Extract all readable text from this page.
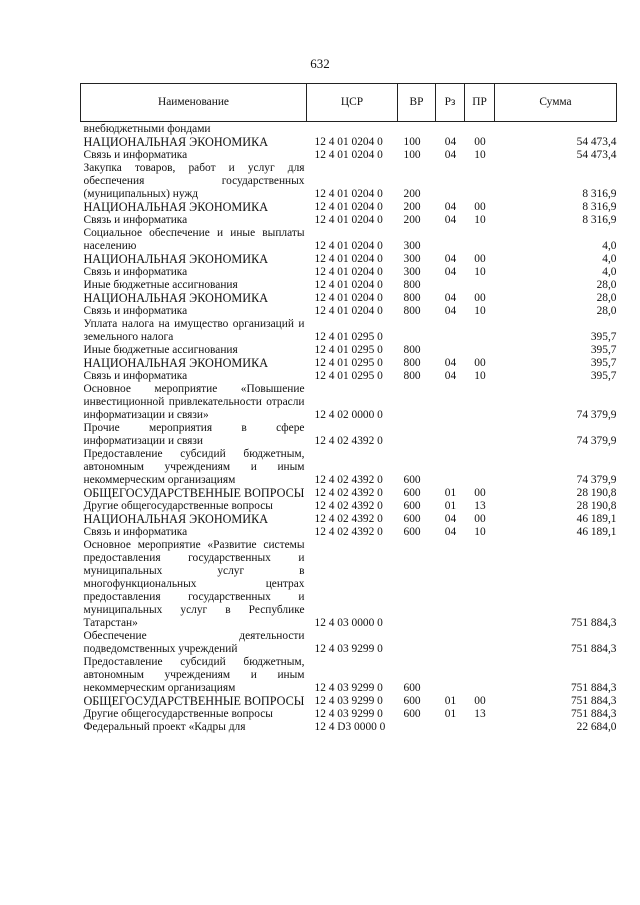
632
Наименование	ЦСР	ВР	Рз	ПР	Сумма
внебюджетными фондами					
НАЦИОНАЛЬНАЯ ЭКОНОМИКА	12 4 01 0204 0	100	04	00	54 473,4
Связь и информатика	12 4 01 0204 0	100	04	10	54 473,4
Закупка товаров, работ и услуг для обеспечения государственных (муниципальных) нужд	12 4 01 0204 0	200			8 316,9
НАЦИОНАЛЬНАЯ ЭКОНОМИКА	12 4 01 0204 0	200	04	00	8 316,9
Связь и информатика	12 4 01 0204 0	200	04	10	8 316,9
Социальное обеспечение и иные выплаты населению	12 4 01 0204 0	300			4,0
НАЦИОНАЛЬНАЯ ЭКОНОМИКА	12 4 01 0204 0	300	04	00	4,0
Связь и информатика	12 4 01 0204 0	300	04	10	4,0
Иные бюджетные ассигнования	12 4 01 0204 0	800			28,0
НАЦИОНАЛЬНАЯ ЭКОНОМИКА	12 4 01 0204 0	800	04	00	28,0
Связь и информатика	12 4 01 0204 0	800	04	10	28,0
Уплата налога на имущество организаций и земельного налога	12 4 01 0295 0				395,7
Иные бюджетные ассигнования	12 4 01 0295 0	800			395,7
НАЦИОНАЛЬНАЯ ЭКОНОМИКА	12 4 01 0295 0	800	04	00	395,7
Связь и информатика	12 4 01 0295 0	800	04	10	395,7
Основное мероприятие «Повышение инвестиционной привлекательности отрасли информатизации и связи»	12 4 02 0000 0				74 379,9
Прочие мероприятия в сфере информатизации и связи	12 4 02 4392 0				74 379,9
Предоставление субсидий бюджетным, автономным учреждениям и иным некоммерческим организациям	12 4 02 4392 0	600			74 379,9
ОБЩЕГОСУДАРСТВЕННЫЕ ВОПРОСЫ	12 4 02 4392 0	600	01	00	28 190,8
Другие общегосударственные вопросы	12 4 02 4392 0	600	01	13	28 190,8
НАЦИОНАЛЬНАЯ ЭКОНОМИКА	12 4 02 4392 0	600	04	00	46 189,1
Связь и информатика	12 4 02 4392 0	600	04	10	46 189,1
Основное мероприятие «Развитие системы предоставления государственных и муниципальных услуг в многофункциональных центрах предоставления государственных и муниципальных услуг в Республике Татарстан»	12 4 03 0000 0				751 884,3
Обеспечение деятельности подведомственных учреждений	12 4 03 9299 0				751 884,3
Предоставление субсидий бюджетным, автономным учреждениям и иным некоммерческим организациям	12 4 03 9299 0	600			751 884,3
ОБЩЕГОСУДАРСТВЕННЫЕ ВОПРОСЫ	12 4 03 9299 0	600	01	00	751 884,3
Другие общегосударственные вопросы	12 4 03 9299 0	600	01	13	751 884,3
Федеральный проект «Кадры для	12 4 D3 0000 0				22 684,0
